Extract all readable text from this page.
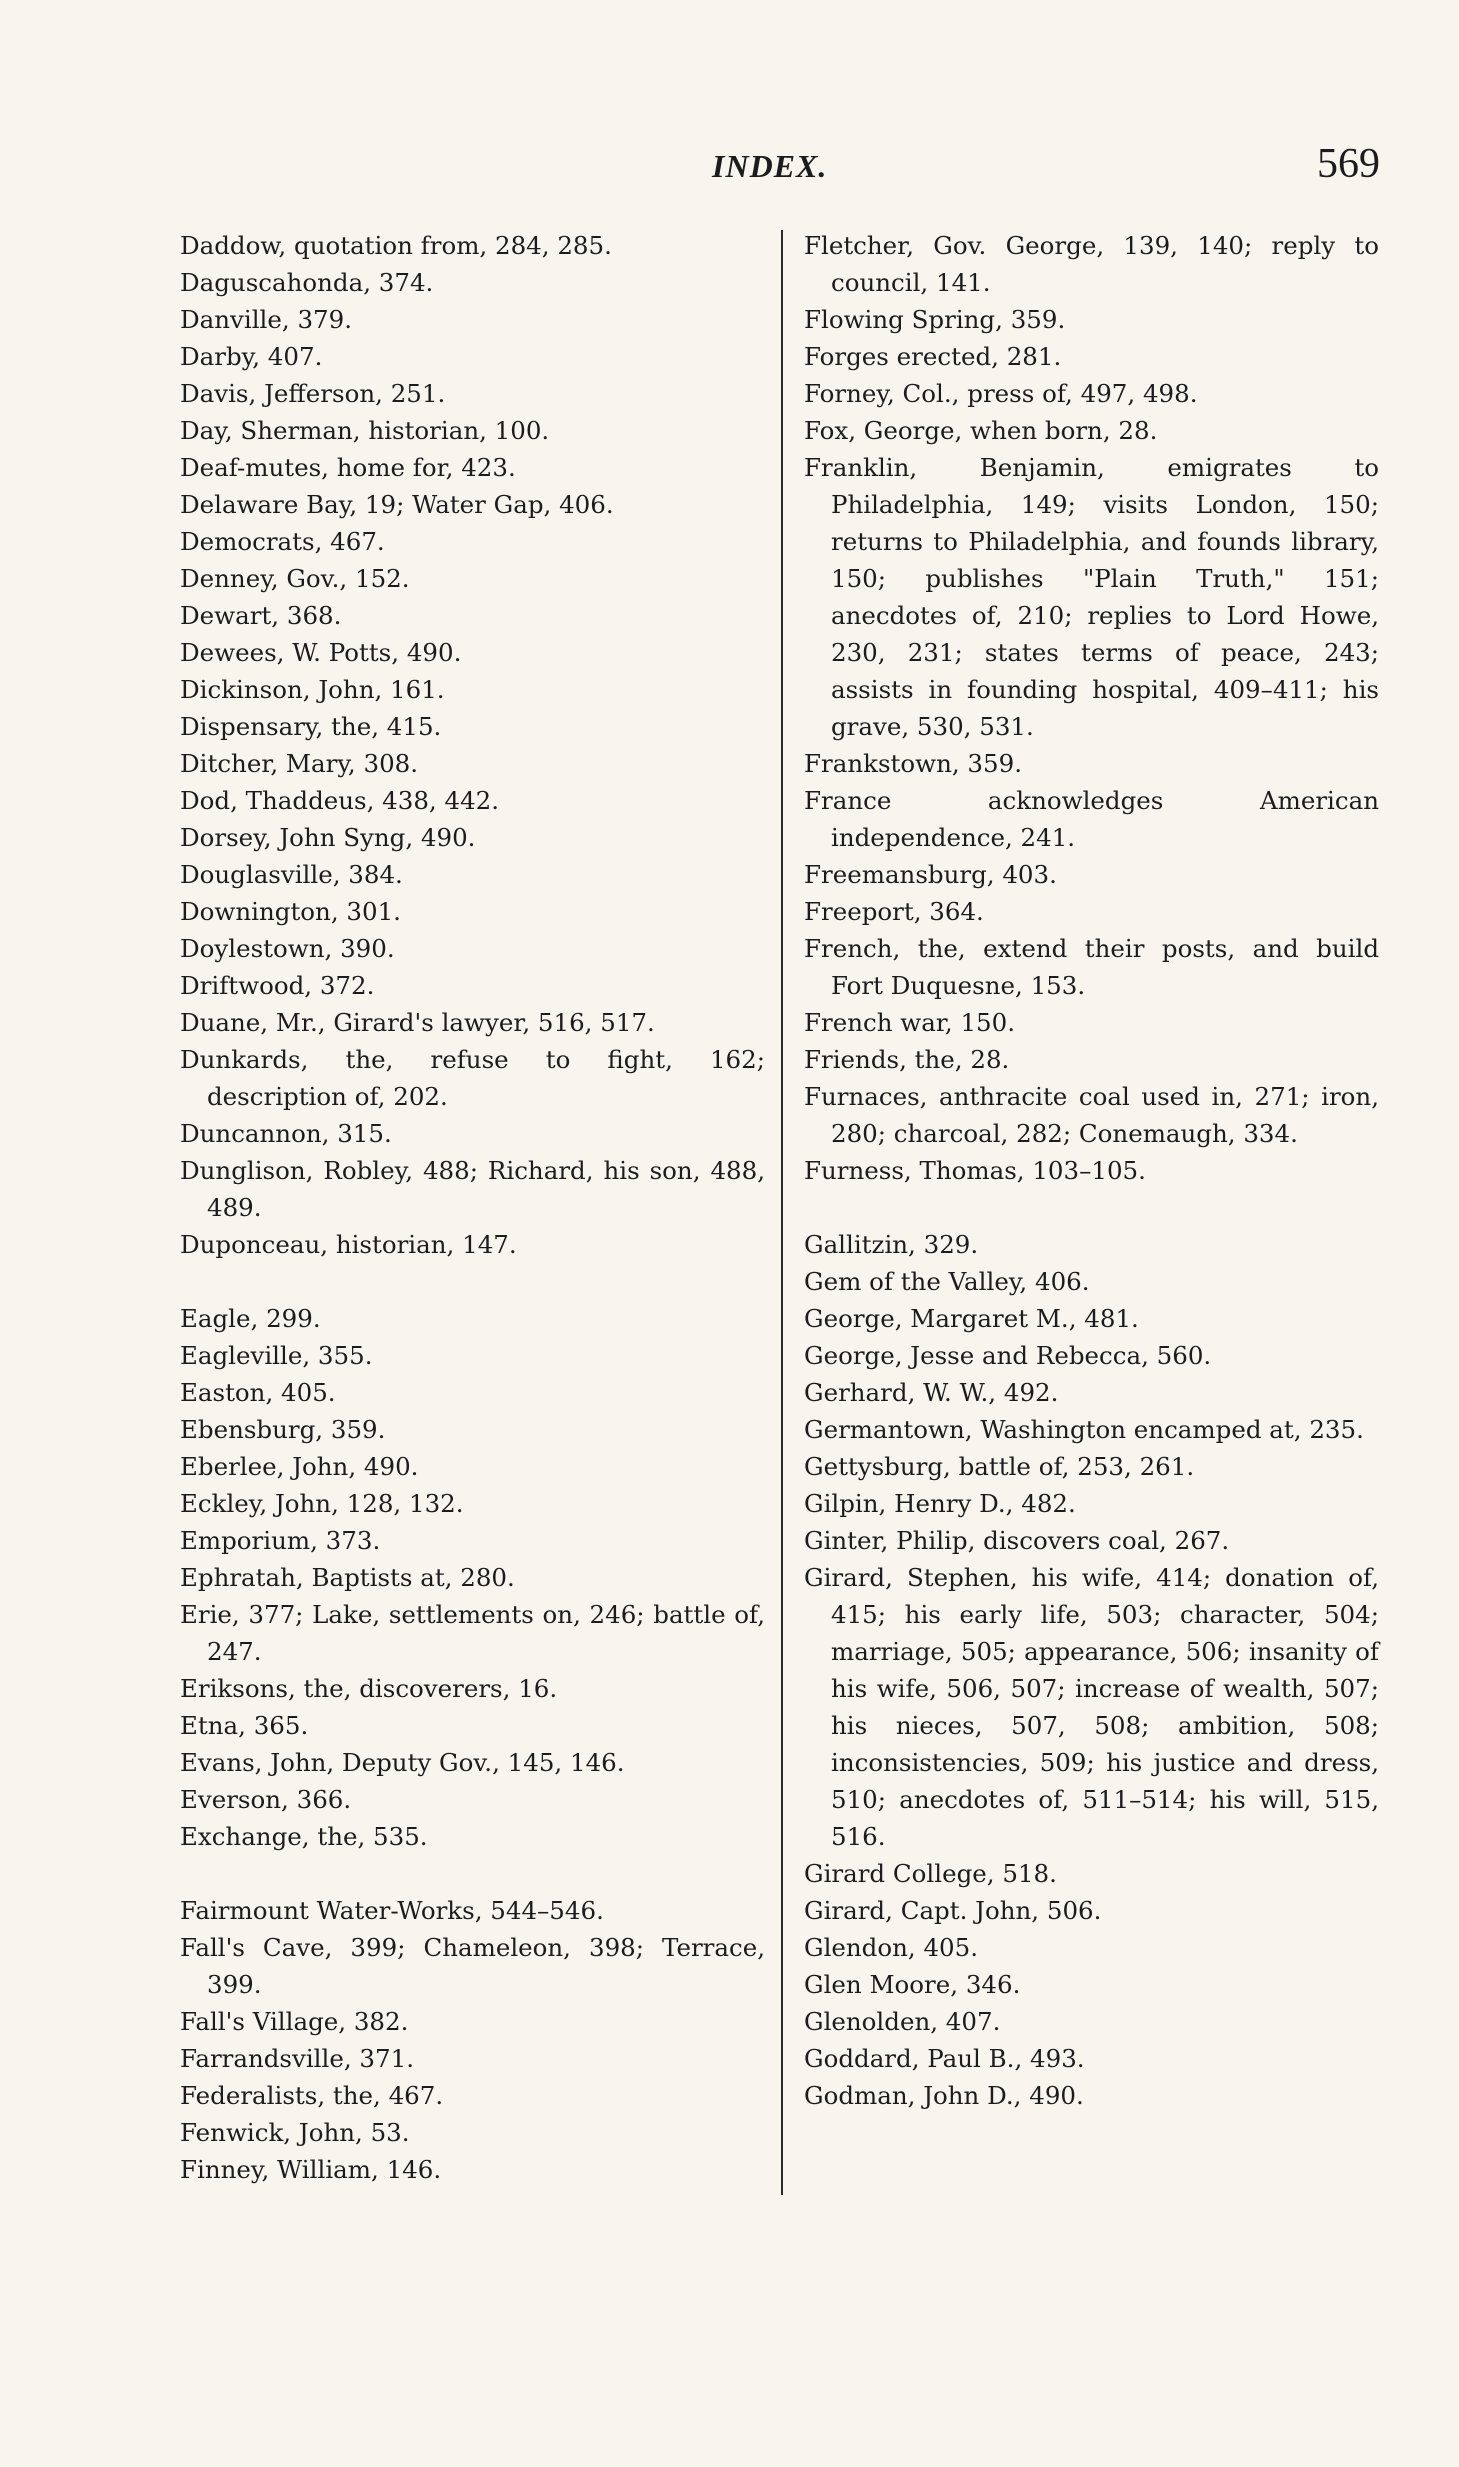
INDEX.	569
Daddow, quotation from, 284, 285.
Daguscahonda, 374.
Danville, 379.
Darby, 407.
Davis, Jefferson, 251.
Day, Sherman, historian, 100.
Deaf-mutes, home for, 423.
Delaware Bay, 19; Water Gap, 406.
Democrats, 467.
Denney, Gov., 152.
Dewart, 368.
Dewees, W. Potts, 490.
Dickinson, John, 161.
Dispensary, the, 415.
Ditcher, Mary, 308.
Dod, Thaddeus, 438, 442.
Dorsey, John Syng, 490.
Douglasville, 384.
Downington, 301.
Doylestown, 390.
Driftwood, 372.
Duane, Mr., Girard's lawyer, 516, 517.
Dunkards, the, refuse to fight, 162; description of, 202.
Duncannon, 315.
Dunglison, Robley, 488; Richard, his son, 488, 489.
Duponceau, historian, 147.
Eagle, 299.
Eagleville, 355.
Easton, 405.
Ebensburg, 359.
Eberlee, John, 490.
Eckley, John, 128, 132.
Emporium, 373.
Ephratah, Baptists at, 280.
Erie, 377; Lake, settlements on, 246; battle of, 247.
Eriksons, the, discoverers, 16.
Etna, 365.
Evans, John, Deputy Gov., 145, 146.
Everson, 366.
Exchange, the, 535.
Fairmount Water-Works, 544–546.
Fall's Cave, 399; Chameleon, 398; Terrace, 399.
Fall's Village, 382.
Farrandsville, 371.
Federalists, the, 467.
Fenwick, John, 53.
Finney, William, 146.
Fletcher, Gov. George, 139, 140; reply to council, 141.
Flowing Spring, 359.
Forges erected, 281.
Forney, Col., press of, 497, 498.
Fox, George, when born, 28.
Franklin, Benjamin, emigrates to Philadelphia, 149; visits London, 150; returns to Philadelphia, and founds library, 150; publishes "Plain Truth," 151; anecdotes of, 210; replies to Lord Howe, 230, 231; states terms of peace, 243; assists in founding hospital, 409–411; his grave, 530, 531.
Frankstown, 359.
France acknowledges American independence, 241.
Freemansburg, 403.
Freeport, 364.
French, the, extend their posts, and build Fort Duquesne, 153.
French war, 150.
Friends, the, 28.
Furnaces, anthracite coal used in, 271; iron, 280; charcoal, 282; Conemaugh, 334.
Furness, Thomas, 103–105.
Gallitzin, 329.
Gem of the Valley, 406.
George, Margaret M., 481.
George, Jesse and Rebecca, 560.
Gerhard, W. W., 492.
Germantown, Washington encamped at, 235.
Gettysburg, battle of, 253, 261.
Gilpin, Henry D., 482.
Ginter, Philip, discovers coal, 267.
Girard, Stephen, his wife, 414; donation of, 415; his early life, 503; character, 504; marriage, 505; appearance, 506; insanity of his wife, 506, 507; increase of wealth, 507; his nieces, 507, 508; ambition, 508; inconsistencies, 509; his justice and dress, 510; anecdotes of, 511–514; his will, 515, 516.
Girard College, 518.
Girard, Capt. John, 506.
Glendon, 405.
Glen Moore, 346.
Glenolden, 407.
Goddard, Paul B., 493.
Godman, John D., 490.
